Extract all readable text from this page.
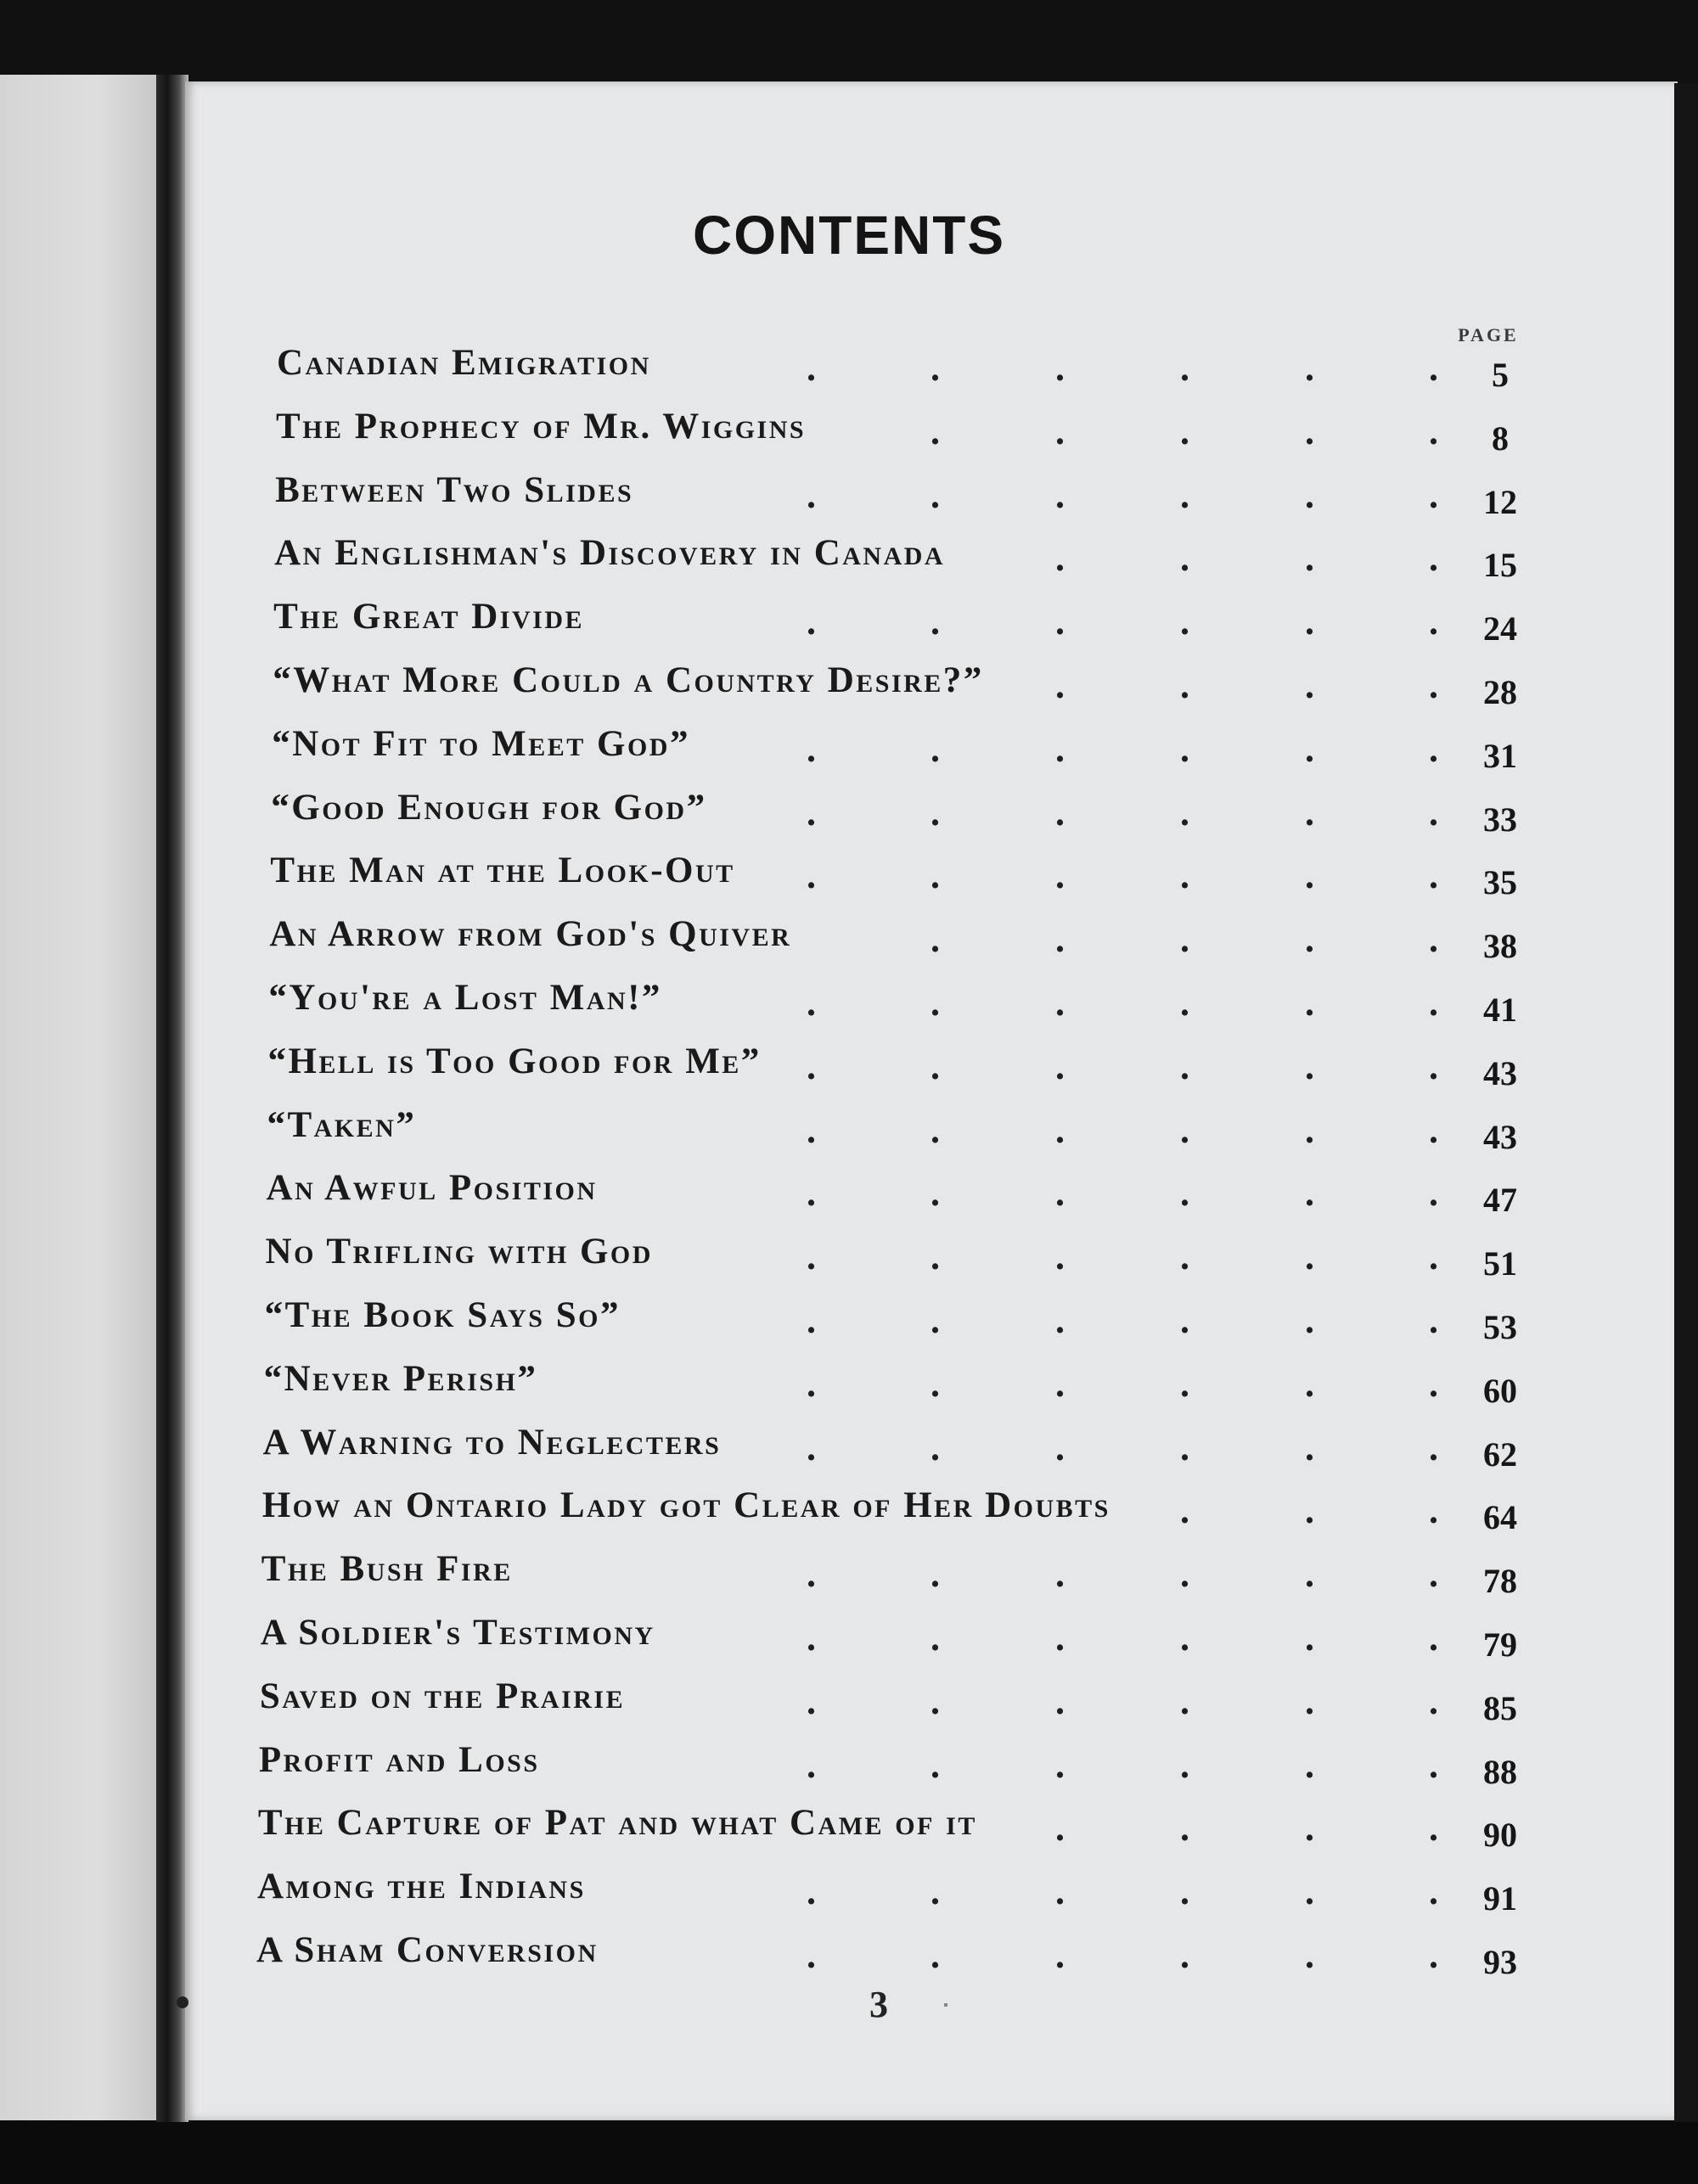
CONTENTS
PAGE
Canadian Emigration	.	.	.	.	.	.	5
The Prophecy of Mr. Wiggins	.	.	.	.	.	8
Between Two Slides	.	.	.	.	.	.	12
An Englishman's Discovery in Canada	.	.	.	.	15
The Great Divide	.	.	.	.	.	.	24
“What More Could a Country Desire?” .	.	.	.	28
“Not Fit to Meet God”	.	.	.	.	.	.	31
“Good Enough for God”	.	.	.	.	.	.	33
The Man at the Look-Out .	.	.	.	.	.	35
An Arrow from God's Quiver	.	.	.	.	.	38
“You're a Lost Man!”	.	.	.	.	.	.	41
“Hell is Too Good for Me” .	.	.	.	.	.	43
“Taken”	.	.	.	.	.	.	43
An Awful Position	.	.	.	.	.	.	47
No Trifling with God	.	.	.	.	.	.	51
“The Book Says So”	.	.	.	.	.	.	53
“Never Perish”	.	.	.	.	.	.	60
A Warning to Neglecters .	.	.	.	.	.	62
How an Ontario Lady got Clear of Her Doubts .	.	.	64
The Bush Fire	.	.	.	.	.	.	78
A Soldier's Testimony	.	.	.	.	.	.	79
Saved on the Prairie	.	.	.	.	.	.	85
Profit and Loss	.	.	.	.	.	.	88
The Capture of Pat and what Came of it .	.	.	.	90
Among the Indians	.	.	.	.	.	.	91
A Sham Conversion	.	.	.	.	.	.	93
3
